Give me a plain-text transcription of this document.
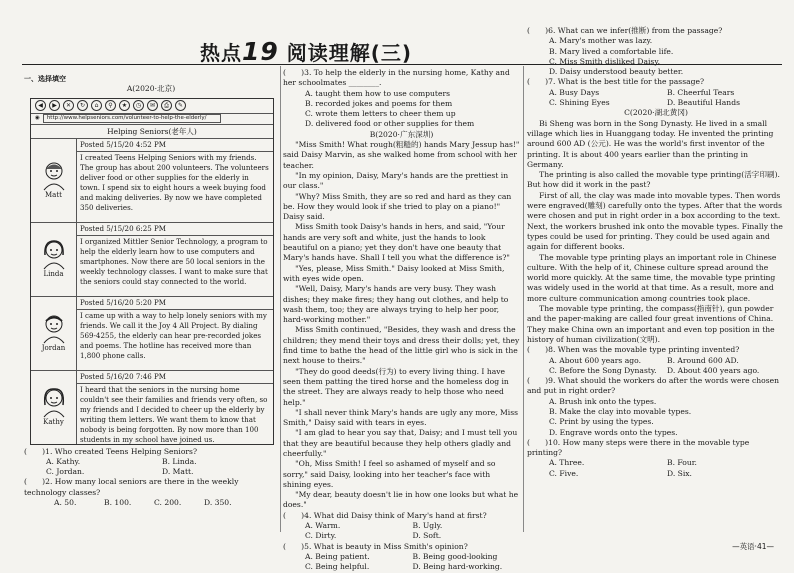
热点19 阅读理解(三)

一、选择填空

A(2020·北京)

◀	▶	✕	↻	⌂	⚲	★	◷	✉	⎙	✎
◉	http://www.helpseniors.com/volunteer-to-help-the-elderly/
Helping Seniors(老年人)
Matt
Posted 5/15/20 4:52 PM
I created Teens Helping Seniors with my friends. The group has about 200 volunteers. The volunteers deliver food or other supplies for the elderly in town. I spend six to eight hours a week buying food and making deliveries. By now we have completed 350 deliveries.
Linda
Posted 5/15/20 6:25 PM
I organized Mittler Senior Technology, a program to help the elderly learn how to use computers and smartphones. Now there are 50 local seniors in the weekly technology classes. I want to make sure that the seniors could stay connected to the world.
Jordan
Posted 5/16/20 5:20 PM
I came up with a way to help lonely seniors with my friends. We call it the Joy 4 All Project. By dialing 569-4255, the elderly can hear pre-recorded jokes and poems. The hotline has received more than 1,800 phone calls.
Kathy
Posted 5/16/20 7:46 PM
I heard that the seniors in the nursing home couldn't see their families and friends very often, so my friends and I decided to cheer up the elderly by writing them letters. We want them to know that nobody is being forgotten. By now more than 100 students in my school have joined us.

(　　)1. Who created Teens Helping Seniors?

A. Kathy.	B. Linda.
C. Jordan.	D. Matt.

(　　)2. How many local seniors are there in the weekly technology classes?

A. 50.	B. 100.	C. 200.	D. 350.

(　　)3. To help the elderly in the nursing home, Kathy and her schoolmates ________.

A. taught them how to use computers

B. recorded jokes and poems for them

C. wrote them letters to cheer them up

D. delivered food or other supplies for them

B(2020·广东深圳)

"Miss Smith! What rough(粗糙的) hands Mary Jessup has!" said Daisy Marvin, as she walked home from school with her teacher.

"In my opinion, Daisy, Mary's hands are the prettiest in our class."

"Why? Miss Smith, they are so red and hard as they can be. How they would look if she tried to play on a piano!" Daisy said.

Miss Smith took Daisy's hands in hers, and said, "Your hands are very soft and white, just the hands to look beautiful on a piano; yet they don't have one beauty that Mary's hands have. Shall I tell you what the difference is?"

"Yes, please, Miss Smith." Daisy looked at Miss Smith, with eyes wide open.

"Well, Daisy, Mary's hands are very busy. They wash dishes; they make fires; they hang out clothes, and help to wash them, too; they are always trying to help her poor, hard-working mother."

Miss Smith continued, "Besides, they wash and dress the children; they mend their toys and dress their dolls; yet, they find time to bathe the head of the little girl who is sick in the next house to theirs."

"They do good deeds(行为) to every living thing. I have seen them patting the tired horse and the homeless dog in the street. They are always ready to help those who need help."

"I shall never think Mary's hands are ugly any more, Miss Smith," Daisy said with tears in eyes.

"I am glad to hear you say that, Daisy; and I must tell you that they are beautiful because they help others gladly and cheerfully."

"Oh, Miss Smith! I feel so ashamed of myself and so sorry," said Daisy, looking into her teacher's face with shining eyes.

"My dear, beauty doesn't lie in how one looks but what he does."

(　　)4. What did Daisy think of Mary's hand at first?

A. Warm.	B. Ugly.
C. Dirty.	D. Soft.

(　　)5. What is beauty in Miss Smith's opinion?

A. Being patient.	B. Being good-looking
C. Being helpful.	D. Being hard-working.

(　　)6. What can we infer(推断) from the passage?

A. Mary's mother was lazy.

B. Mary lived a comfortable life.

C. Miss Smith disliked Daisy.

D. Daisy understood beauty better.

(　　)7. What is the best title for the passage?

A. Busy Days	B. Cheerful Tears
C. Shining Eyes	D. Beautiful Hands

C(2020·湖北黄冈)

Bi Sheng was born in the Song Dynasty. He lived in a small village which lies in Huanggang today. He invented the printing around 600 AD (公元). He was the world's first inventor of the printing. It is about 400 years earlier than the printing in Germany.

The printing is also called the movable type printing(活字印刷). But how did it work in the past?

First of all, the clay was made into movable types. Then words were engraved(雕刻) carefully onto the types. After that the words were chosen and put in right order in a box according to the text. Next, the workers brushed ink onto the movable types. Finally the types could be used for printing. They could be used again and again for different books.

The movable type printing plays an important role in Chinese culture. With the help of it, Chinese culture spread around the world more quickly. At the same time, the movable type printing was widely used in the world at that time. As a result, more and more culture communication among countries took place.

The movable type printing, the compass(指南针), gun powder and the paper-making are called four great inventions of China. They make China own an important and even top position in the history of human civilization(文明).

(　　)8. When was the movable type printing invented?

A. About 600 years ago.	B. Around 600 AD.
C. Before the Song Dynasty.	D. About 400 years ago.

(　　)9. What should the workers do after the words were chosen and put in right order?

A. Brush ink onto the types.

B. Make the clay into movable types.

C. Print by using the types.

D. Engrave words onto the types.

(　　)10. How many steps were there in the movable type printing?

A. Three.	B. Four.
C. Five.	D. Six.
—英语·41—
